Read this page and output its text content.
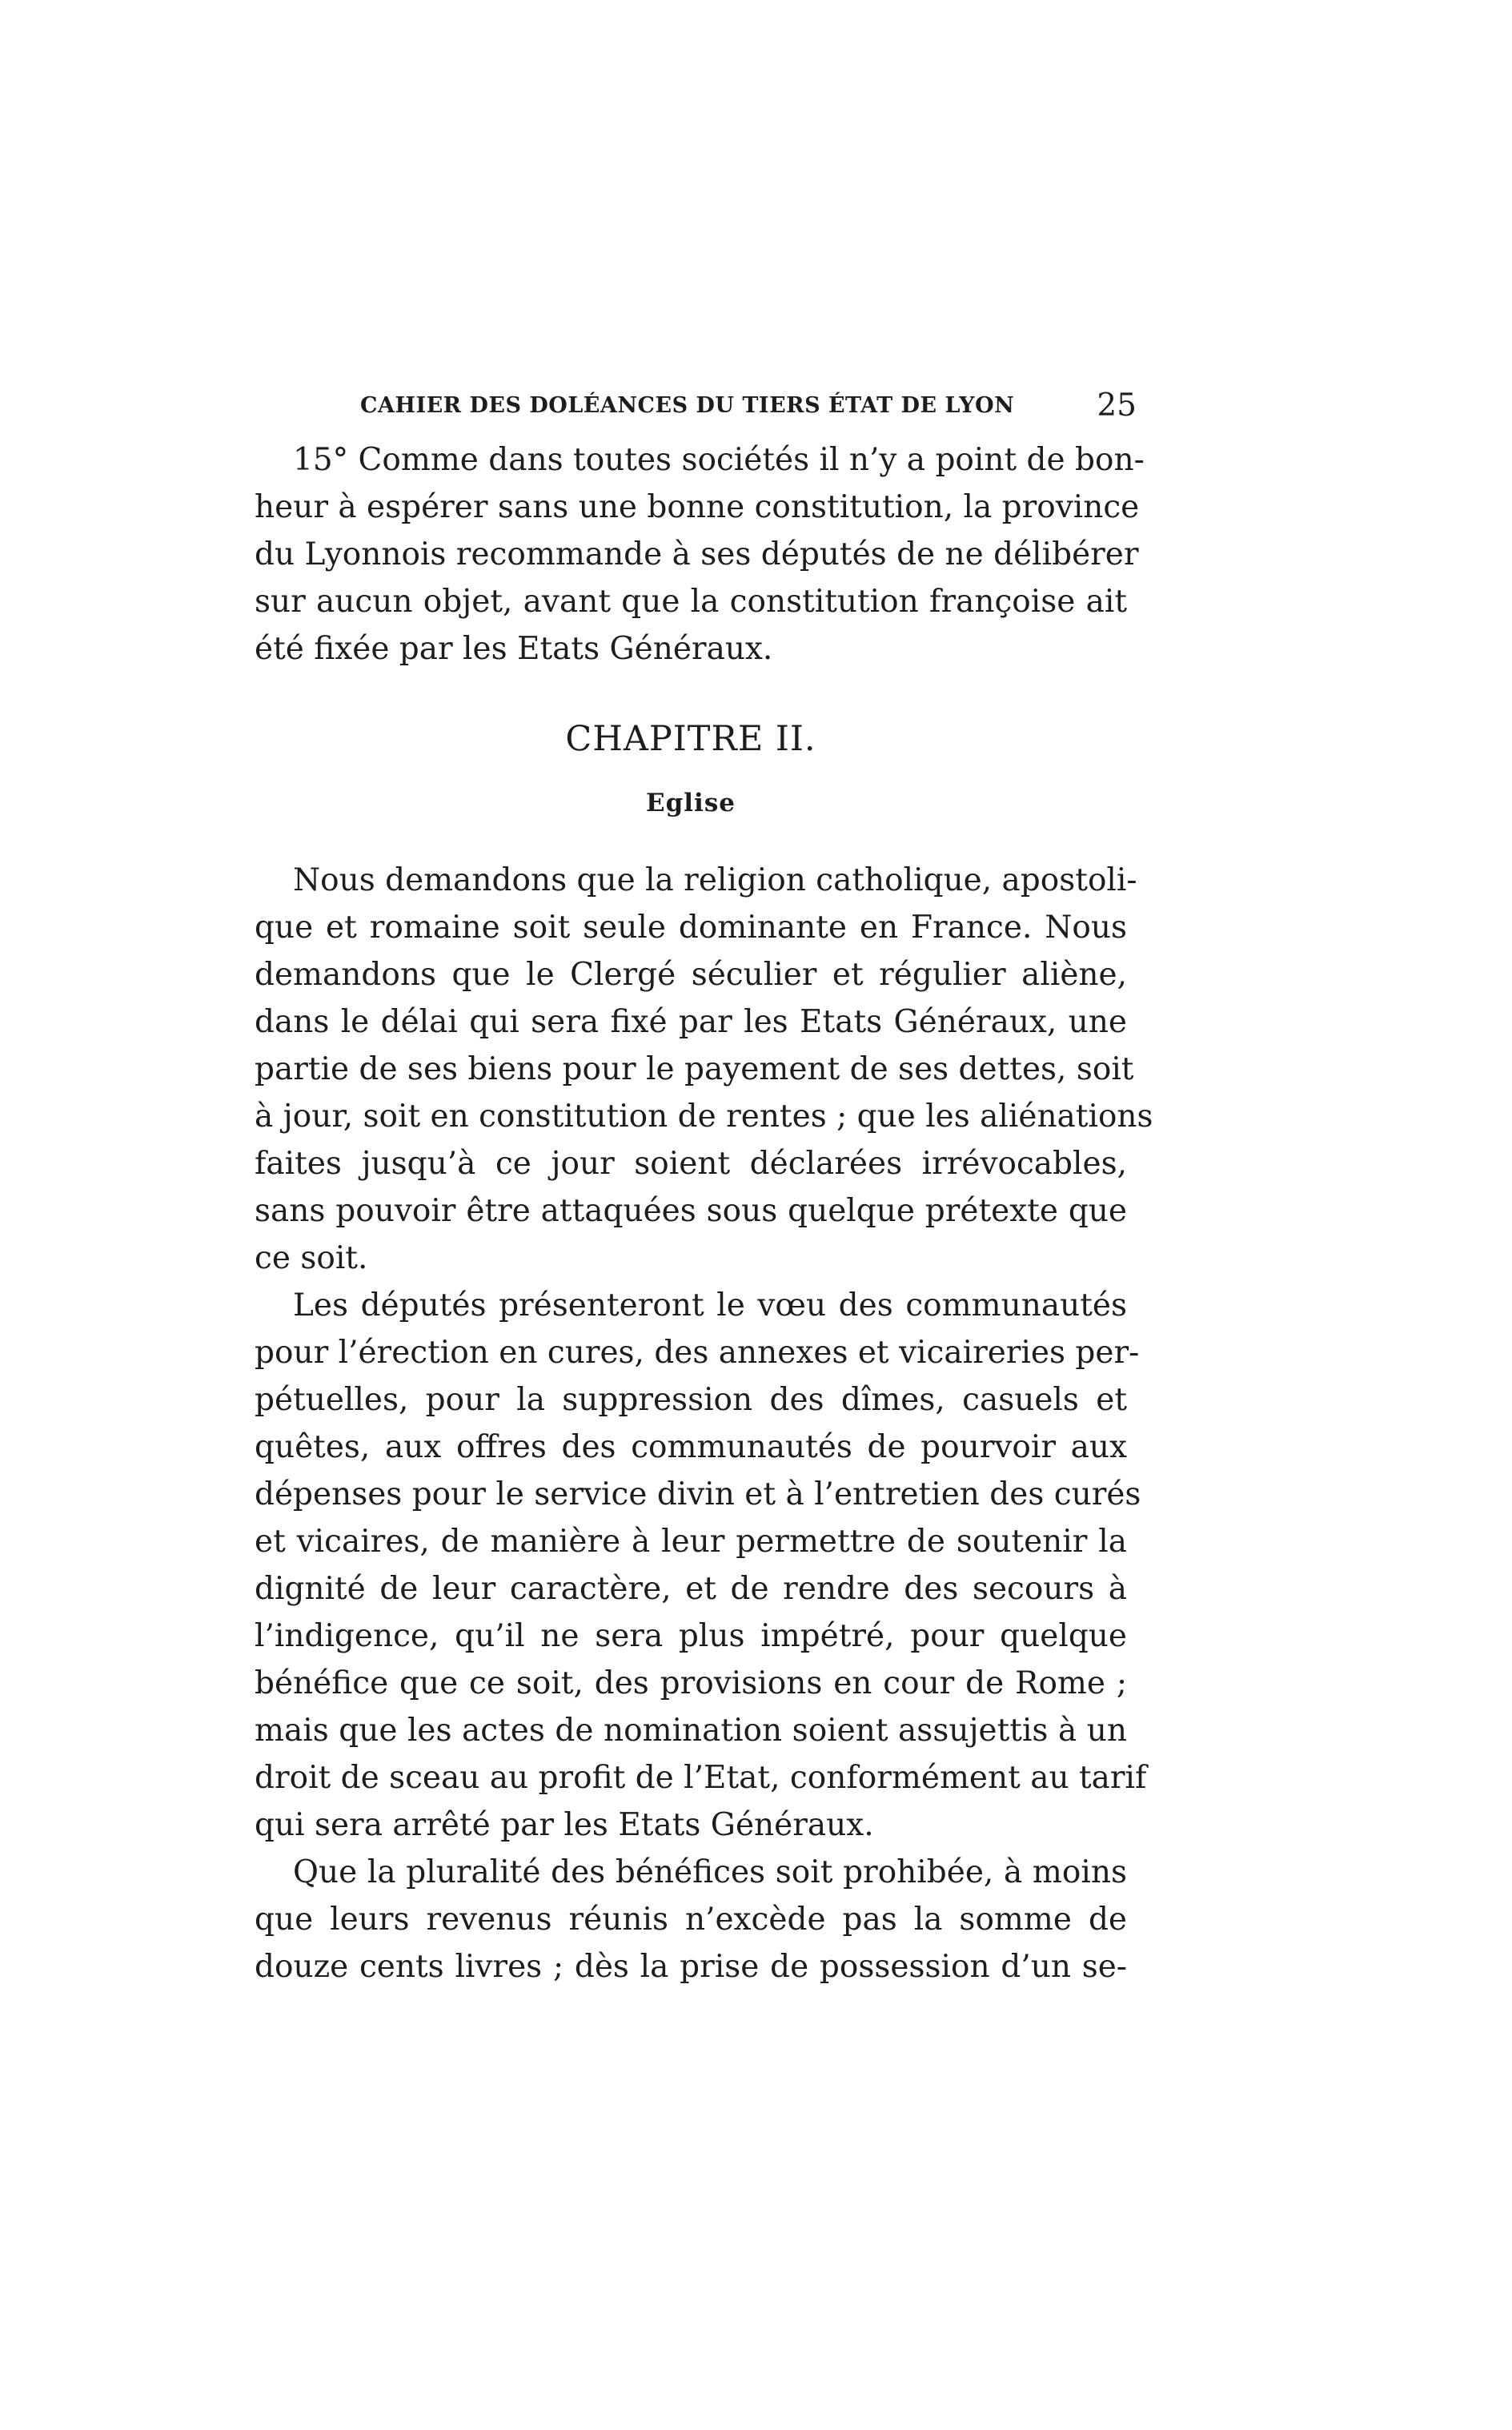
CAHIER DES DOLÉANCES DU TIERS ÉTAT DE LYON	25
15° Comme dans toutes sociétés il n’y a point de bon-
heur à espérer sans une bonne constitution, la province
du Lyonnois recommande à ses députés de ne délibérer
sur aucun objet, avant que la constitution françoise ait
été fixée par les Etats Généraux.
CHAPITRE II.
Eglise
Nous demandons que la religion catholique, apostoli-
que et romaine soit seule dominante en France. Nous
demandons que le Clergé séculier et régulier aliène,
dans le délai qui sera fixé par les Etats Généraux, une
partie de ses biens pour le payement de ses dettes, soit
à jour, soit en constitution de rentes ; que les aliénations
faites jusqu’à ce jour soient déclarées irrévocables,
sans pouvoir être attaquées sous quelque prétexte que
ce soit.
Les députés présenteront le vœu des communautés
pour l’érection en cures, des annexes et vicaireries per-
pétuelles, pour la suppression des dîmes, casuels et
quêtes, aux offres des communautés de pourvoir aux
dépenses pour le service divin et à l’entretien des curés
et vicaires, de manière à leur permettre de soutenir la
dignité de leur caractère, et de rendre des secours à
l’indigence, qu’il ne sera plus impétré, pour quelque
bénéfice que ce soit, des provisions en cour de Rome ;
mais que les actes de nomination soient assujettis à un
droit de sceau au profit de l’Etat, conformément au tarif
qui sera arrêté par les Etats Généraux.
Que la pluralité des bénéfices soit prohibée, à moins
que leurs revenus réunis n’excède pas la somme de
douze cents livres ; dès la prise de possession d’un se-
